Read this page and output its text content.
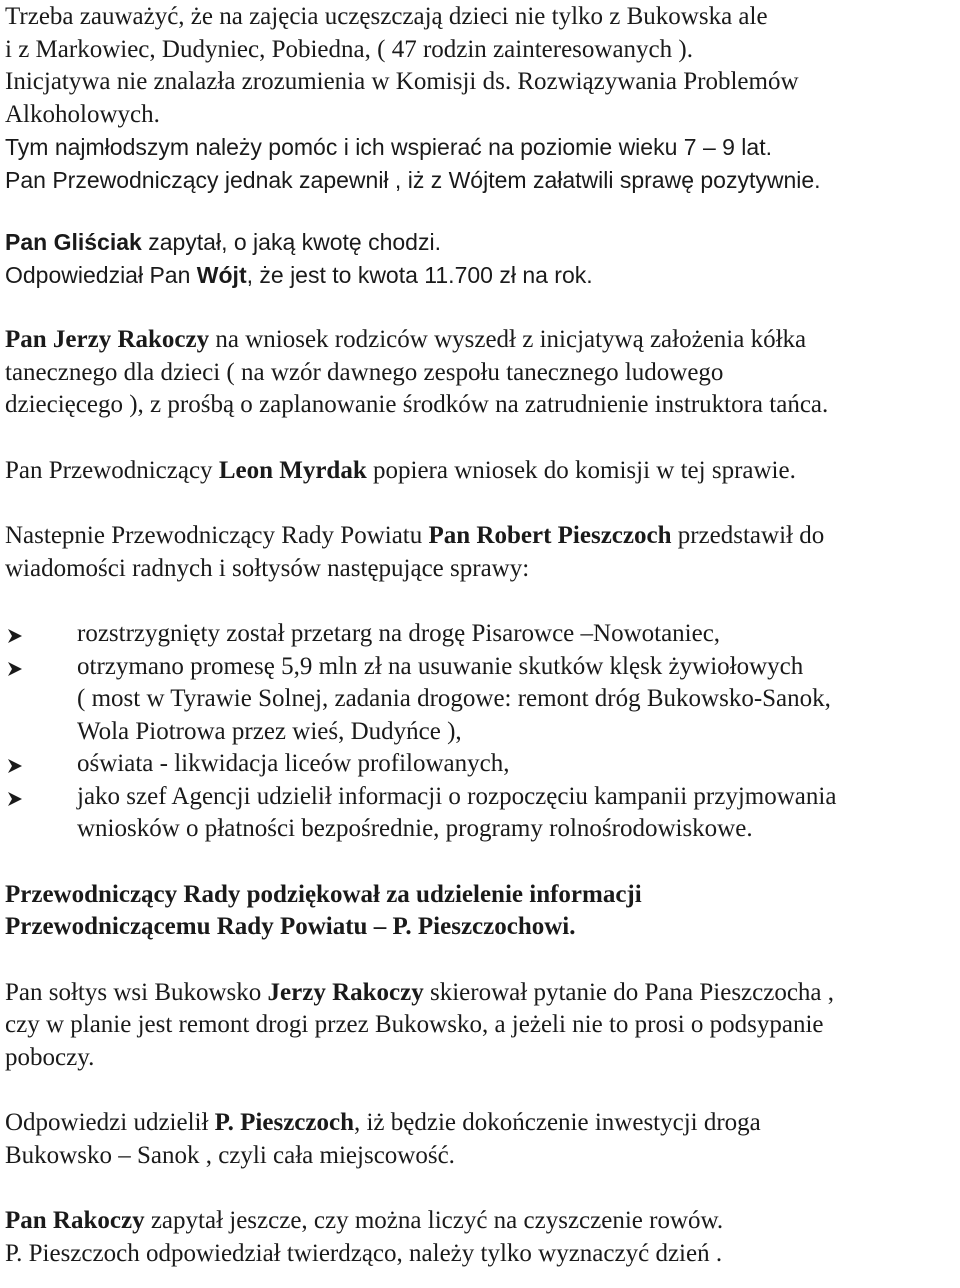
Trzeba zauważyć, że na zajęcia uczęszczają dzieci nie tylko z Bukowska ale
i z Markowiec, Dudyniec, Pobiedna, ( 47 rodzin zainteresowanych ).
Inicjatywa nie znalazła zrozumienia w Komisji ds. Rozwiązywania Problemów
Alkoholowych.
Tym najmłodszym należy pomóc i ich wspierać na poziomie wieku 7 – 9 lat.
Pan Przewodniczący jednak zapewnił , iż z Wójtem załatwili sprawę pozytywnie.
Pan Gliściak zapytał, o jaką kwotę chodzi.
Odpowiedział Pan Wójt, że jest to kwota 11.700 zł na rok.
Pan Jerzy Rakoczy na wniosek rodziców wyszedł z inicjatywą założenia kółka
tanecznego dla dzieci ( na wzór dawnego zespołu tanecznego ludowego
dziecięcego ), z prośbą o zaplanowanie środków na zatrudnienie instruktora tańca.
Pan Przewodniczący Leon Myrdak popiera wniosek do komisji w tej sprawie.
Nastepnie Przewodniczący Rady Powiatu Pan Robert Pieszczoch przedstawił do
wiadomości radnych i sołtysów następujące sprawy:
rozstrzygnięty został przetarg na drogę Pisarowce –Nowotaniec,
otrzymano promesę 5,9 mln zł na usuwanie skutków klęsk żywiołowych
( most w Tyrawie Solnej, zadania drogowe: remont dróg Bukowsko-Sanok,
Wola Piotrowa przez wieś, Dudyńce ),
oświata - likwidacja liceów profilowanych,
jako szef Agencji udzielił informacji o rozpoczęciu kampanii przyjmowania
wniosków o płatności bezpośrednie, programy rolnośrodowiskowe.
Przewodniczący Rady podziękował za udzielenie informacji
Przewodniczącemu Rady Powiatu – P. Pieszczochowi.
Pan sołtys wsi Bukowsko Jerzy Rakoczy skierował pytanie do Pana Pieszczocha ,
czy w planie jest remont drogi przez Bukowsko, a jeżeli nie to prosi o podsypanie
poboczy.
Odpowiedzi udzielił P. Pieszczoch, iż będzie dokończenie inwestycji droga
Bukowsko – Sanok , czyli cała miejscowość.
Pan Rakoczy zapytał jeszcze, czy można liczyć na czyszczenie rowów.
P. Pieszczoch odpowiedział twierdząco, należy tylko wyznaczyć dzień .
